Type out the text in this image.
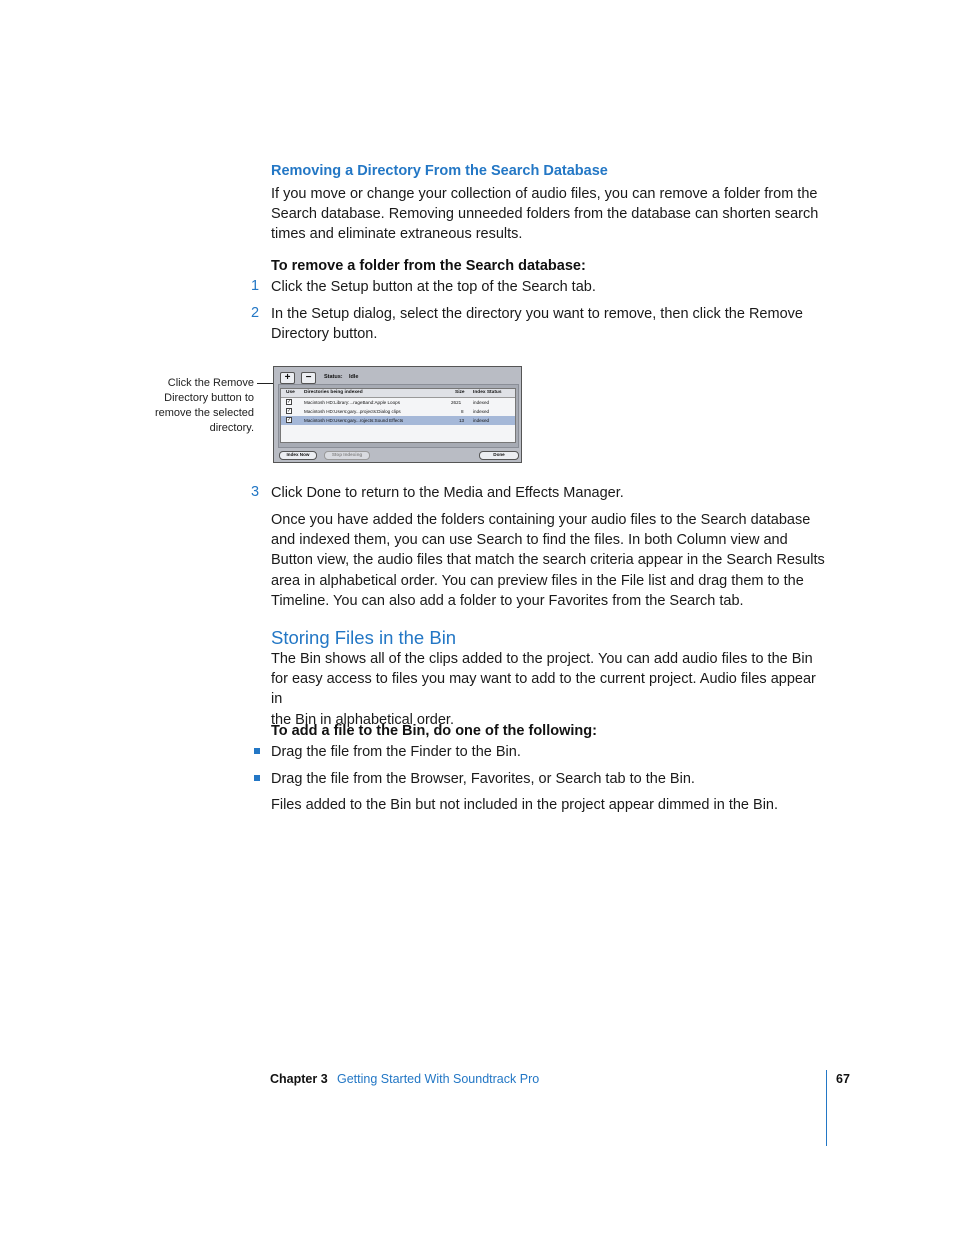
Removing a Directory From the Search Database
If you move or change your collection of audio files, you can remove a folder from the
Search database. Removing unneeded folders from the database can shorten search
times and eliminate extraneous results.
To remove a folder from the Search database:
1 Click the Setup button at the top of the Search tab.
2 In the Setup dialog, select the directory you want to remove, then click the Remove
Directory button.
Click the Remove
Directory button to
remove the selected
directory.
+	−	Status: Idle
Use Directories being indexed	Size Index Status
✓	Macintosh HD:Library:...rageBand:Apple Loops	2621	indexed
✓	Macintosh HD:Users:gary...projects:Dialog clips	8 indexed
✓	Macintosh HD:Users:gary...rojects:Sound Effects	13 indexed
Index Now	Stop Indexing	Done
3 Click Done to return to the Media and Effects Manager.
Once you have added the folders containing your audio files to the Search database
and indexed them, you can use Search to find the files. In both Column view and
Button view, the audio files that match the search criteria appear in the Search Results
area in alphabetical order. You can preview files in the File list and drag them to the
Timeline. You can also add a folder to your Favorites from the Search tab.
Storing Files in the Bin
The Bin shows all of the clips added to the project. You can add audio files to the Bin
for easy access to files you may want to add to the current project. Audio files appear in
the Bin in alphabetical order.
To add a file to the Bin, do one of the following:
Drag the file from the Finder to the Bin.
Drag the file from the Browser, Favorites, or Search tab to the Bin.
Files added to the Bin but not included in the project appear dimmed in the Bin.
Chapter 3 Getting Started With Soundtrack Pro	67
